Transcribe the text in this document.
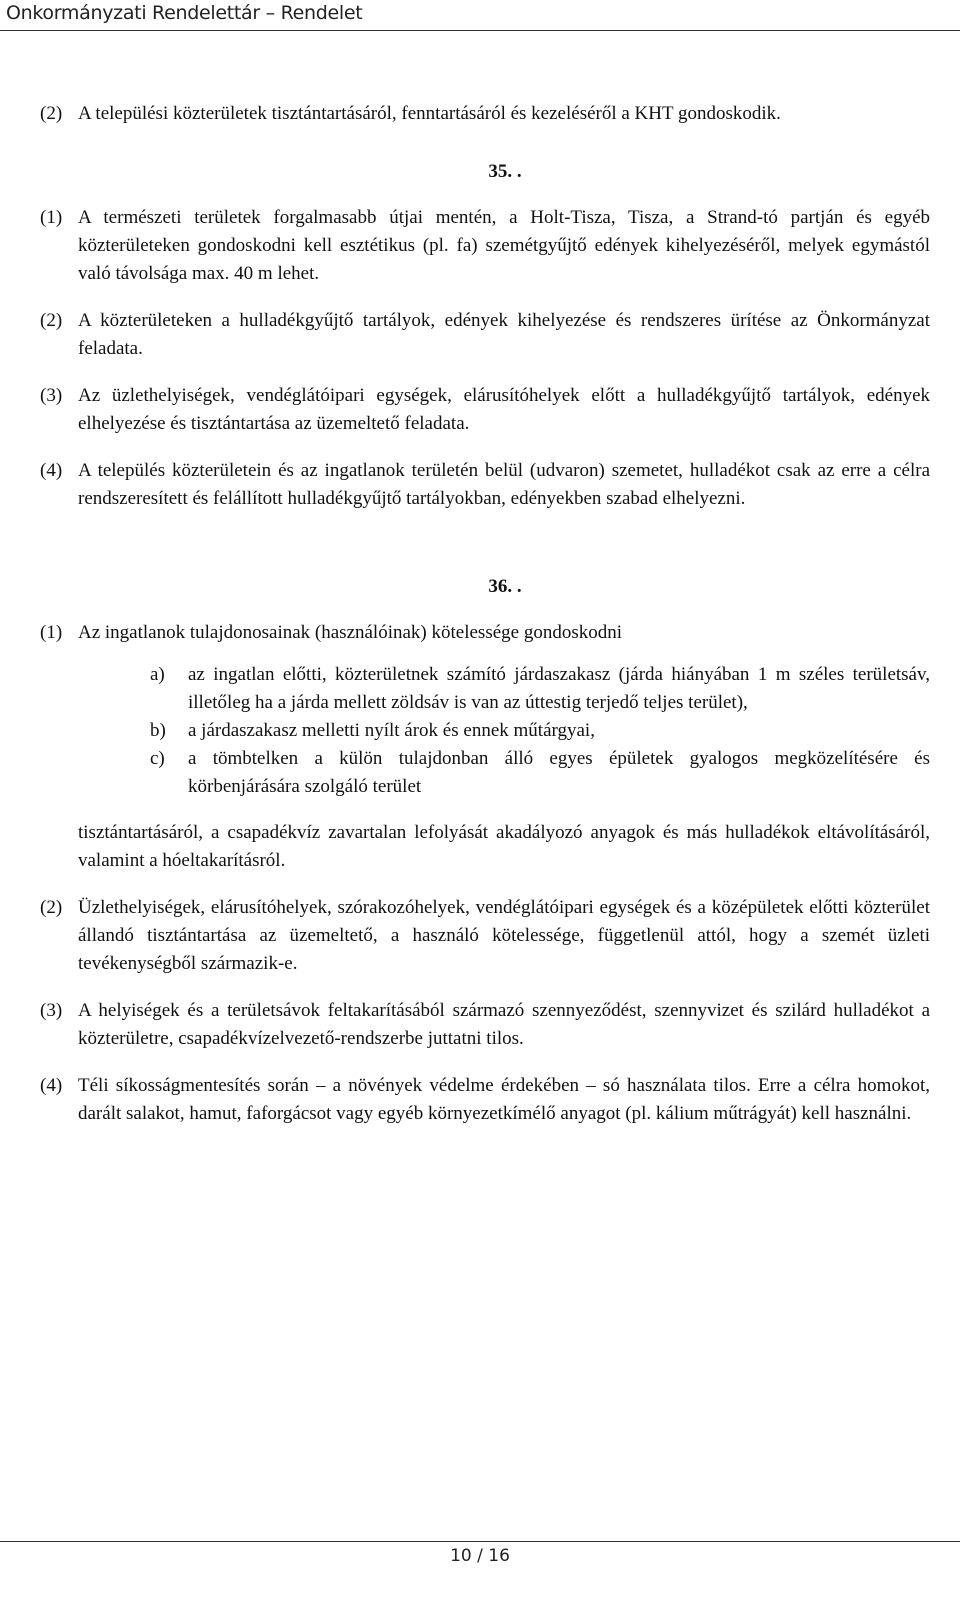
Onkormányzati Rendelettár – Rendelet
(2) A települési közterületek tisztántartásáról, fenntartásáról és kezeléséről a KHT gondoskodik.
35. .
(1) A természeti területek forgalmasabb útjai mentén, a Holt-Tisza, Tisza, a Strand-tó partján és egyéb közterületeken gondoskodni kell esztétikus (pl. fa) szemétgyűjtő edények kihelyezéséről, melyek egymástól való távolsága max. 40 m lehet.
(2) A közterületeken a hulladékgyűjtő tartályok, edények kihelyezése és rendszeres ürítése az Önkormányzat feladata.
(3) Az üzlethelyiségek, vendéglátóipari egységek, elárusítóhelyek előtt a hulladékgyűjtő tartályok, edények elhelyezése és tisztántartása az üzemeltető feladata.
(4) A település közterületein és az ingatlanok területén belül (udvaron) szemetet, hulladékot csak az erre a célra rendszeresített és felállított hulladékgyűjtő tartályokban, edényekben szabad elhelyezni.
36. .
(1) Az ingatlanok tulajdonosainak (használóinak) kötelessége gondoskodni
a) az ingatlan előtti, közterületnek számító járdaszakasz (járda hiányában 1 m széles területsáv, illetőleg ha a járda mellett zöldsáv is van az úttestig terjedő teljes terület),
b) a járdaszakasz melletti nyílt árok és ennek műtárgyai,
c) a tömbtelken a külön tulajdonban álló egyes épületek gyalogos megközelítésére és körbenjárására szolgáló terület
tisztántartásáról, a csapadékvíz zavartalan lefolyását akadályozó anyagok és más hulladékok eltávolításáról, valamint a hóeltakarításról.
(2) Üzlethelyiségek, elárusítóhelyek, szórakozóhelyek, vendéglátóipari egységek és a középületek előtti közterület állandó tisztántartása az üzemeltető, a használó kötelessége, függetlenül attól, hogy a szemét üzleti tevékenységből származik-e.
(3) A helyiségek és a területsávok feltakarításából származó szennyeződést, szennyvizet és szilárd hulladékot a közterületre, csapadékvízelvezető-rendszerbe juttatni tilos.
(4) Téli síkosságmentesítés során – a növények védelme érdekében – só használata tilos. Erre a célra homokot, darált salakot, hamut, faforgácsot vagy egyéb környezetkímélő anyagot (pl. kálium műtrágyát) kell használni.
10 / 16
